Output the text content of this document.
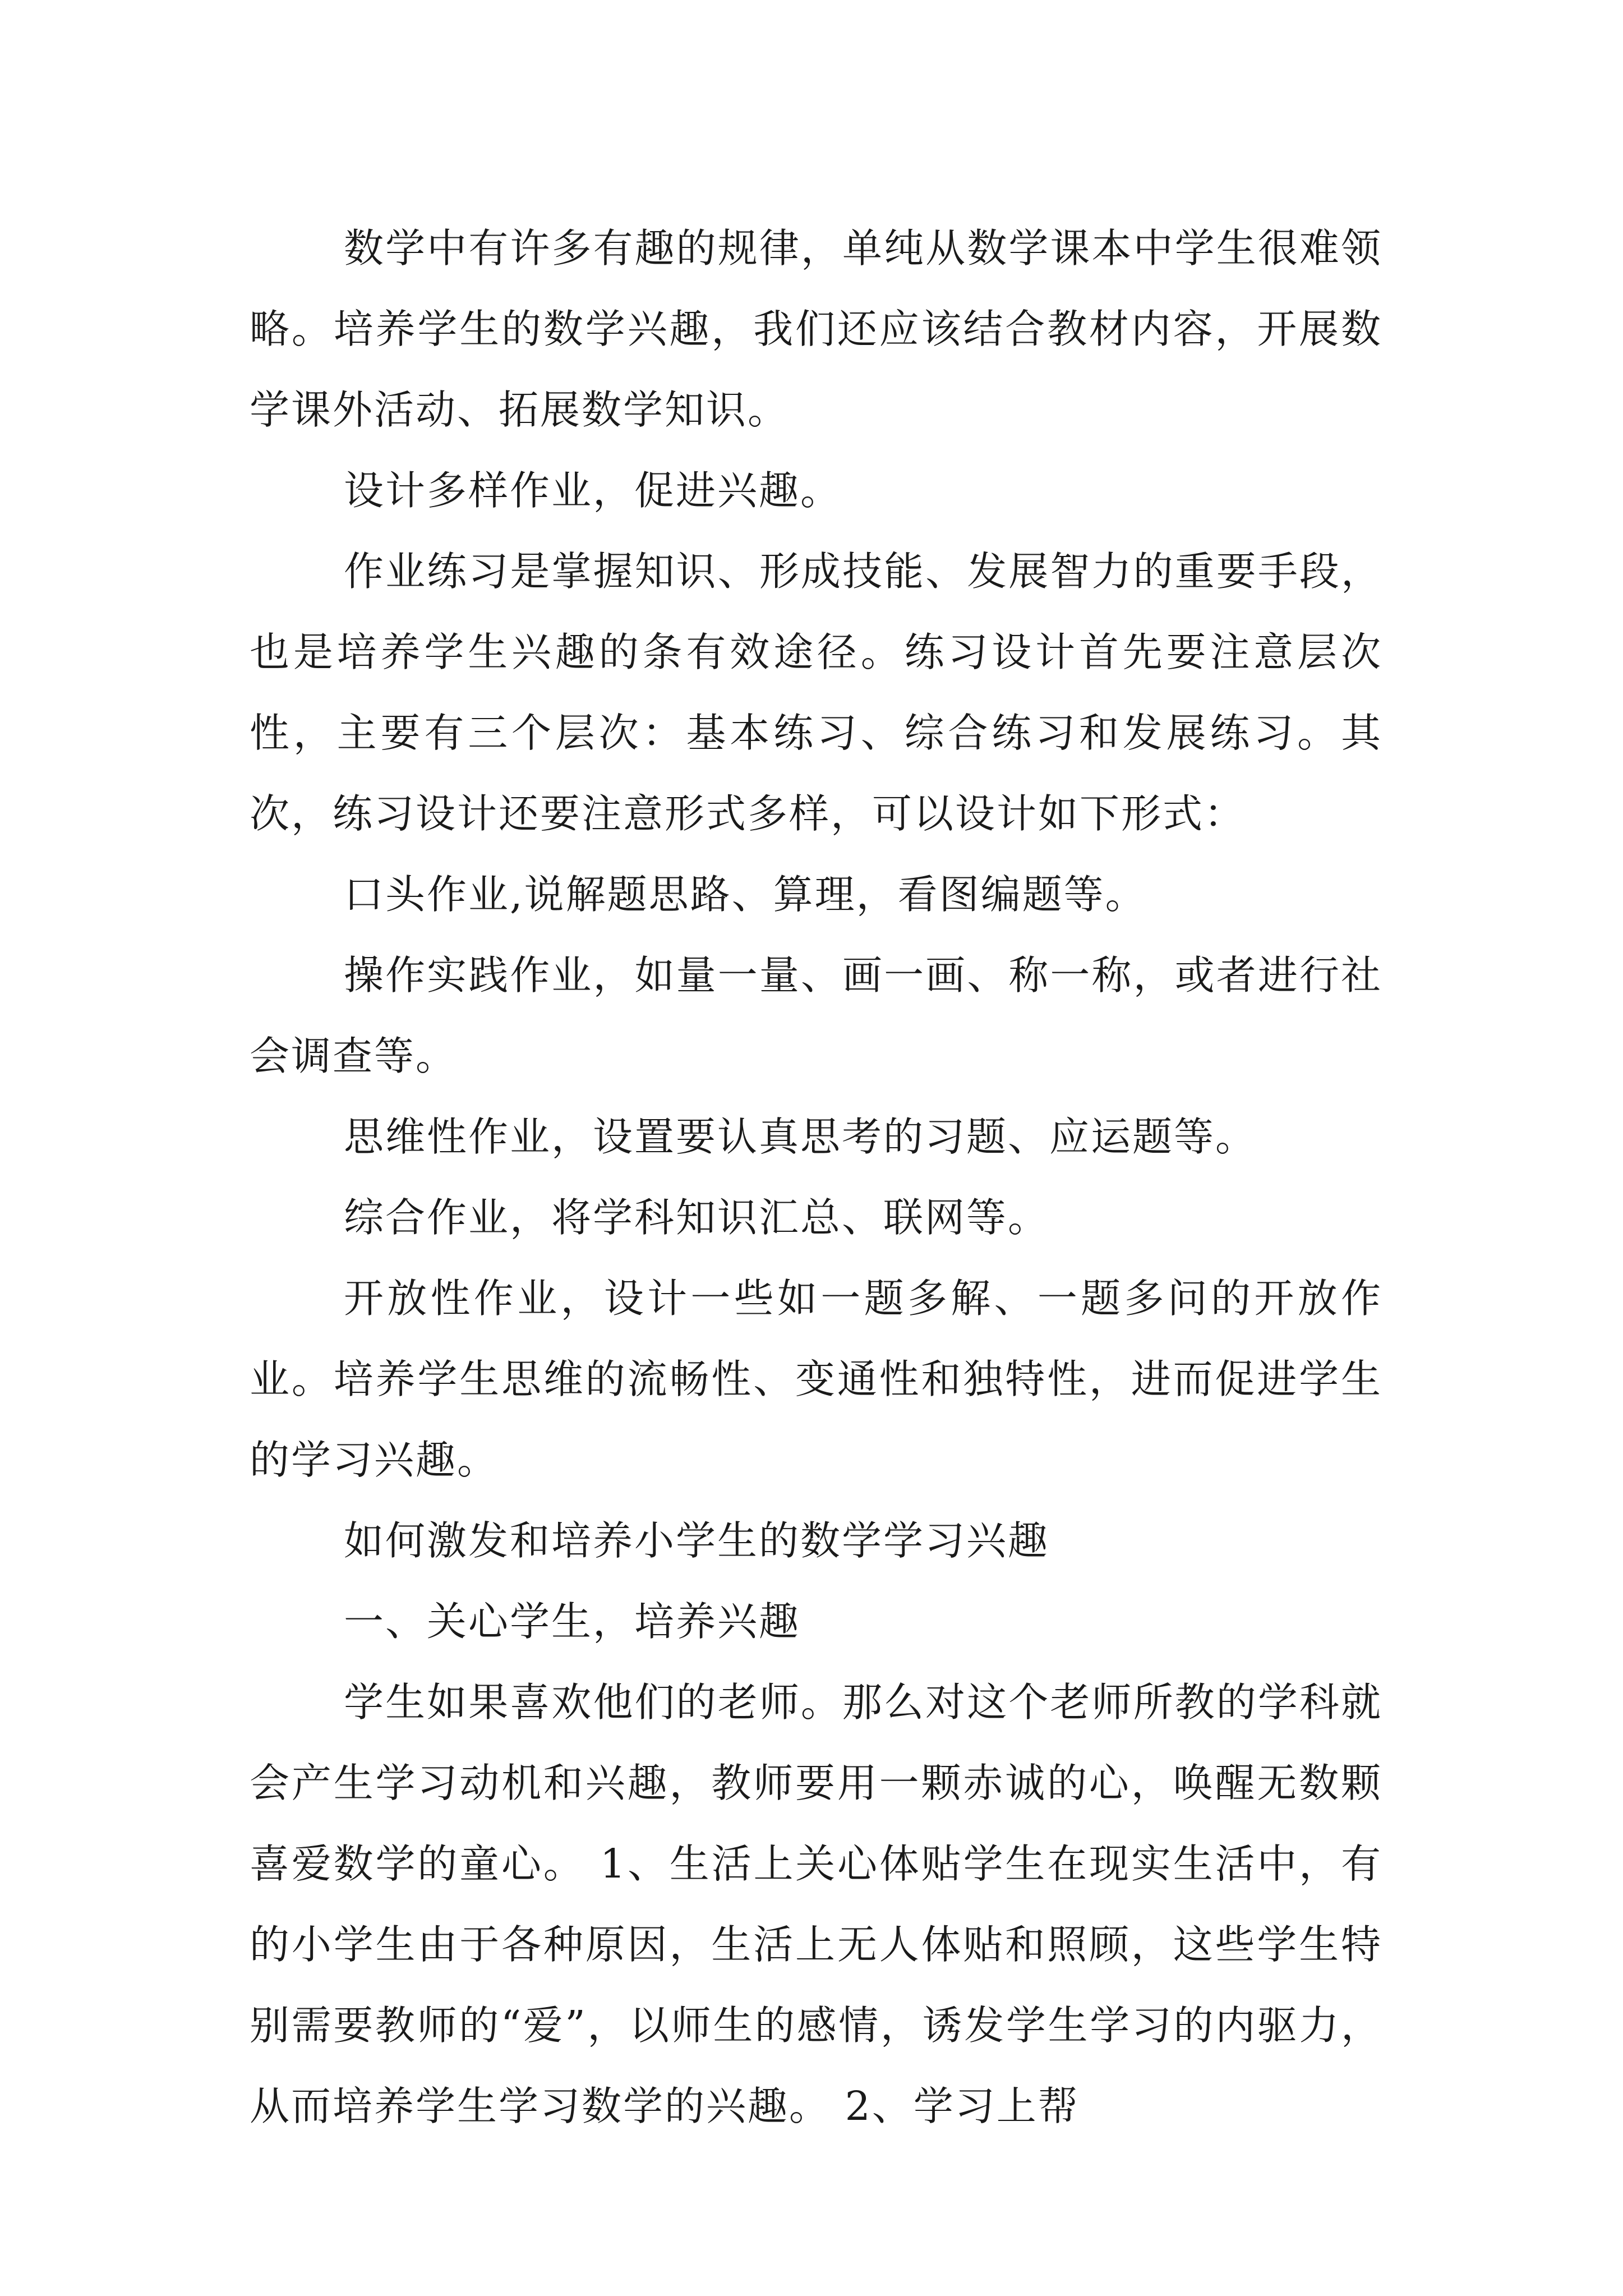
数学中有许多有趣的规律，单纯从数学课本中学生很难领略。培养学生的数学兴趣，我们还应该结合教材内容，开展数学课外活动、拓展数学知识。

设计多样作业，促进兴趣。

作业练习是掌握知识、形成技能、发展智力的重要手段，也是培养学生兴趣的条有效途径。练习设计首先要注意层次性，主要有三个层次：基本练习、综合练习和发展练习。其次，练习设计还要注意形式多样，可以设计如下形式：

口头作业,说解题思路、算理，看图编题等。

操作实践作业，如量一量、画一画、称一称，或者进行社会调查等。

思维性作业，设置要认真思考的习题、应运题等。

综合作业，将学科知识汇总、联网等。

开放性作业，设计一些如一题多解、一题多问的开放作业。培养学生思维的流畅性、变通性和独特性，进而促进学生的学习兴趣。

如何激发和培养小学生的数学学习兴趣

一、关心学生，培养兴趣

学生如果喜欢他们的老师。那么对这个老师所教的学科就会产生学习动机和兴趣，教师要用一颗赤诚的心，唤醒无数颗喜爱数学的童心。 1、生活上关心体贴学生在现实生活中，有的小学生由于各种原因，生活上无人体贴和照顾，这些学生特别需要教师的“爱”，以师生的感情，诱发学生学习的内驱力，从而培养学生学习数学的兴趣。 2、学习上帮
